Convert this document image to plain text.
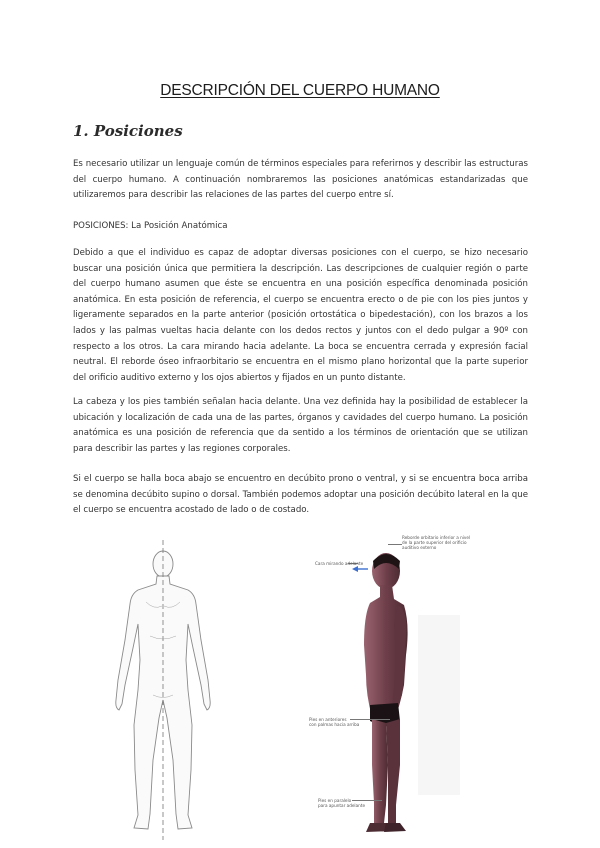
DESCRIPCIÓN DEL CUERPO HUMANO
1. Posiciones

Es necesario utilizar un lenguaje común de términos especiales para referirnos y describir las estructuras del cuerpo humano. A continuación nombraremos las posiciones anatómicas estandarizadas que utilizaremos para describir las relaciones de las partes del cuerpo entre sí.

POSICIONES: La Posición Anatómica

Debido a que el individuo es capaz de adoptar diversas posiciones con el cuerpo, se hizo necesario buscar una posición única que permitiera la descripción. Las descripciones de cualquier región o parte del cuerpo humano asumen que éste se encuentra en una posición específica denominada posición anatómica. En esta posición de referencia, el cuerpo se encuentra erecto o de pie con los pies juntos y ligeramente separados en la parte anterior (posición ortostática o bipedestación), con los brazos a los lados y las palmas vueltas hacia delante con los dedos rectos y juntos con el dedo pulgar a 90º con respecto a los otros. La cara mirando hacia adelante. La boca se encuentra cerrada y expresión facial neutral. El reborde óseo infraorbitario se encuentra en el mismo plano horizontal que la parte superior del orificio auditivo externo y los ojos abiertos y fijados en un punto distante.

La cabeza y los pies también señalan hacia delante. Una vez definida hay la posibilidad de establecer la ubicación y localización de cada una de las partes, órganos y cavidades del cuerpo humano. La posición anatómica es una posición de referencia que da sentido a los términos de orientación que se utilizan para describir las partes y las regiones corporales.

Si el cuerpo se halla boca abajo se encuentro en decúbito prono o ventral, y si se encuentra boca arriba se denomina decúbito supino o dorsal. También podemos adoptar una posición decúbito lateral en la que el cuerpo se encuentra acostado de lado o de costado.

Reborde orbitario inferior a nivel
de la parte superior del orificio
auditivo externo
Cara mirando adelante
Pies en anteriores
con palmas hacia arriba
Pies en paralelo
para apuntar adelante
